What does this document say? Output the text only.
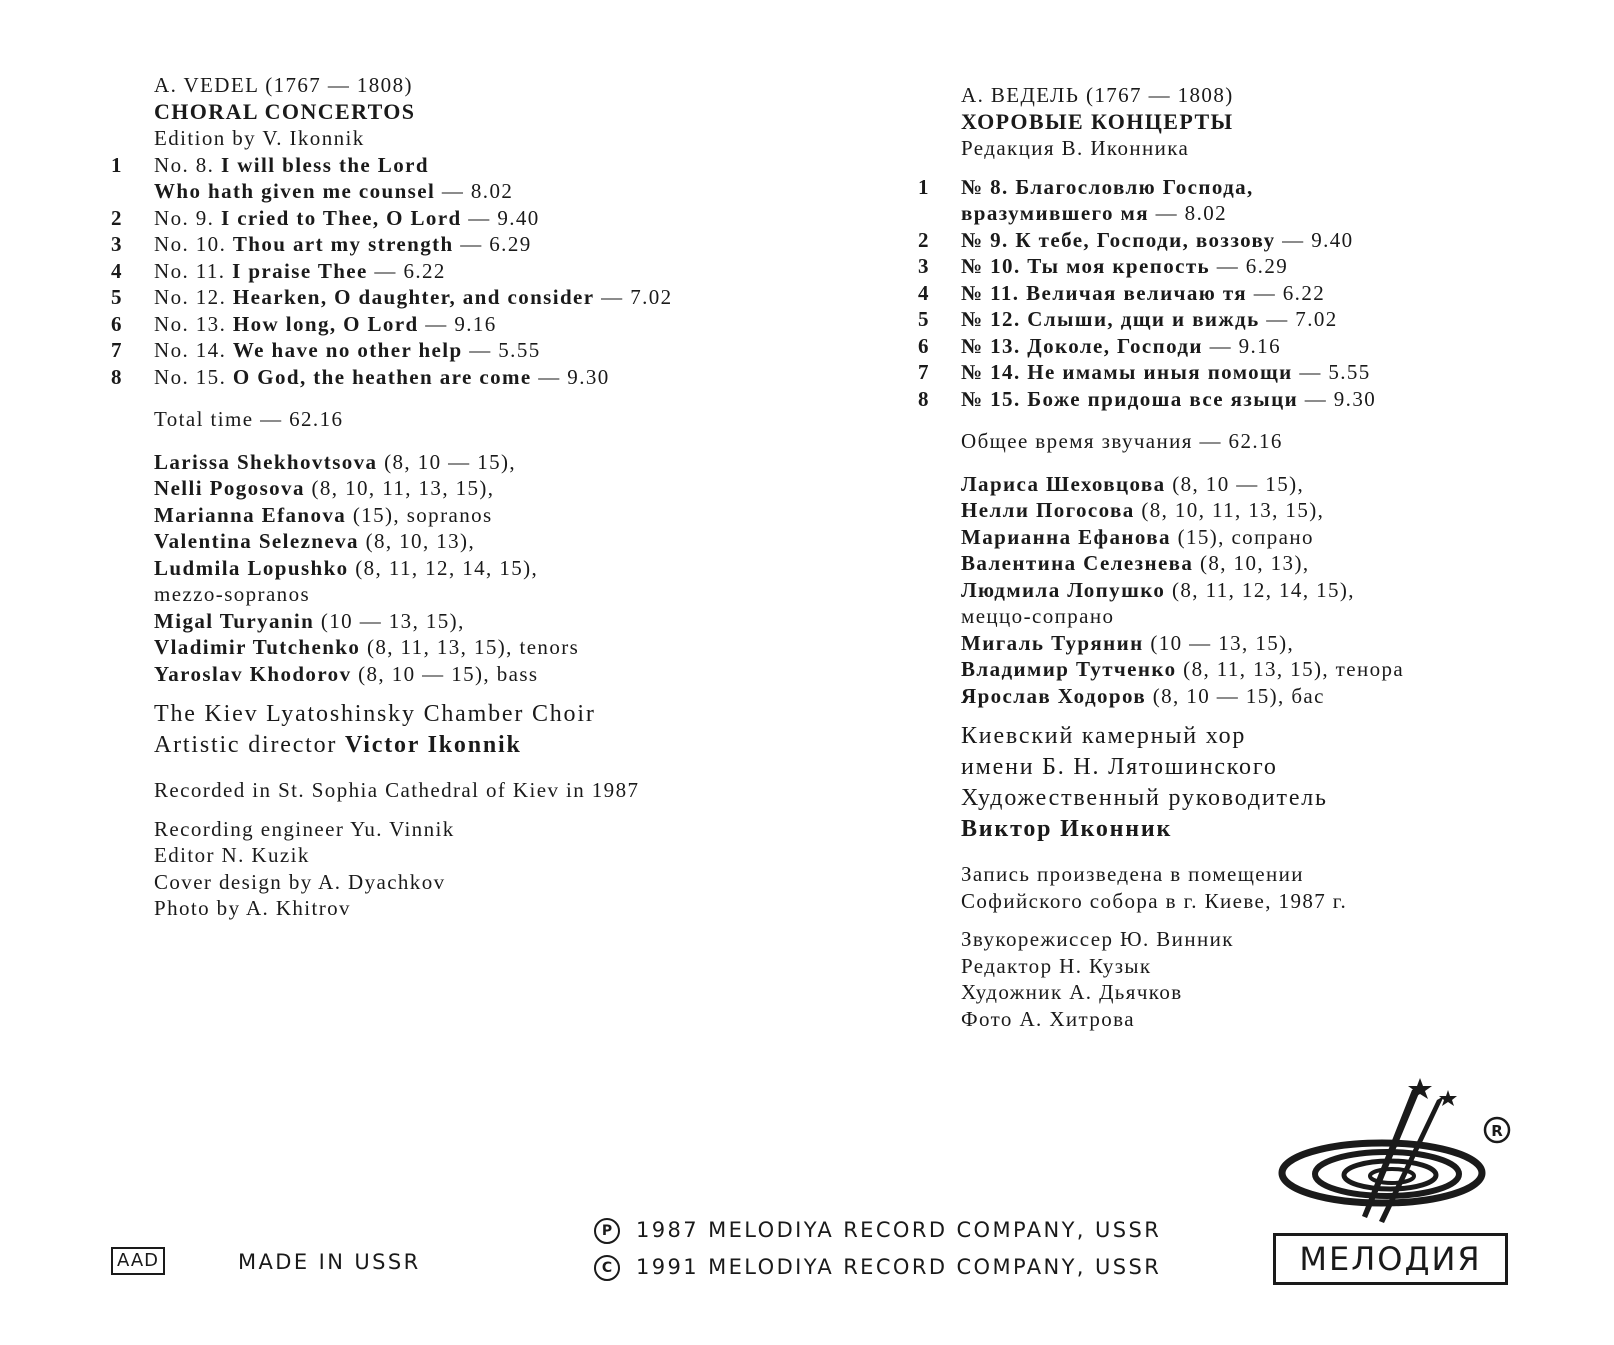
A. VEDEL (1767 — 1808)
CHORAL CONCERTOS
Edition by V. Ikonnik
1 No. 8. I will bless the Lord
Who hath given me counsel — 8.02
2 No. 9. I cried to Thee, O Lord — 9.40
3 No. 10. Thou art my strength — 6.29
4 No. 11. I praise Thee — 6.22
5 No. 12. Hearken, O daughter, and consider — 7.02
6 No. 13. How long, O Lord — 9.16
7 No. 14. We have no other help — 5.55
8 No. 15. O God, the heathen are come — 9.30
Total time — 62.16
Larissa Shekhovtsova (8, 10 — 15),
Nelli Pogosova (8, 10, 11, 13, 15),
Marianna Efanova (15), sopranos
Valentina Selezneva (8, 10, 13),
Ludmila Lopushko (8, 11, 12, 14, 15),
mezzo-sopranos
Migal Turyanin (10 — 13, 15),
Vladimir Tutchenko (8, 11, 13, 15), tenors
Yaroslav Khodorov (8, 10 — 15), bass
The Kiev Lyatoshinsky Chamber Choir
Artistic director Victor Ikonnik
Recorded in St. Sophia Cathedral of Kiev in 1987
Recording engineer Yu. Vinnik
Editor N. Kuzik
Cover design by A. Dyachkov
Photo by A. Khitrov
А. ВЕДЕЛЬ (1767 — 1808)
ХОРОВЫЕ КОНЦЕРТЫ
Редакция В. Иконника
1 № 8. Благословлю Господа,
вразумившего мя — 8.02
2 № 9. К тебе, Господи, воззову — 9.40
3 № 10. Ты моя крепость — 6.29
4 № 11. Величая величаю тя — 6.22
5 № 12. Слыши, дщи и виждь — 7.02
6 № 13. Доколе, Господи — 9.16
7 № 14. Не имамы иныя помощи — 5.55
8 № 15. Боже придоша все языци — 9.30
Общее время звучания — 62.16
Лариса Шеховцова (8, 10 — 15),
Нелли Погосова (8, 10, 11, 13, 15),
Марианна Ефанова (15), сопрано
Валентина Селезнева (8, 10, 13),
Людмила Лопушко (8, 11, 12, 14, 15),
меццо-сопрано
Мигаль Турянин (10 — 13, 15),
Владимир Тутченко (8, 11, 13, 15), тенора
Ярослав Ходоров (8, 10 — 15), бас
Киевский камерный хор
имени Б. Н. Лятошинского
Художественный руководитель
Виктор Иконник
Запись произведена в помещении
Софийского собора в г. Киеве, 1987 г.
Звукорежиссер Ю. Винник
Редактор Н. Кузык
Художник А. Дьячков
Фото А. Хитрова
AAD	MADE IN USSR
P 1987 MELODIYA RECORD COMPANY, USSR
C 1991 MELODIYA RECORD COMPANY, USSR
R
МЕЛОДИЯ
